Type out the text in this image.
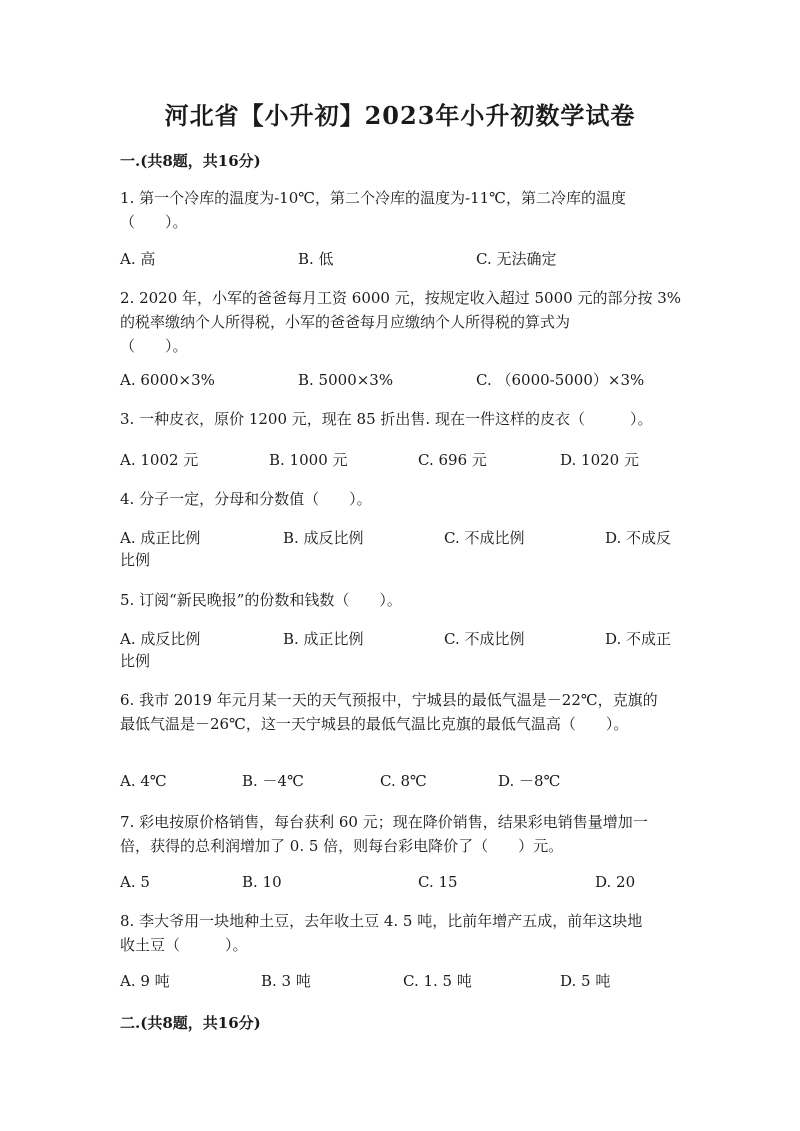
河北省【小升初】2023年小升初数学试卷
一.(共8题，共16分)
1. 第一个冷库的温度为-10℃，第二个冷库的温度为-11℃，第二冷库的温度
（　　）。
A. 高	B. 低	C. 无法确定
2. 2020 年，小军的爸爸每月工资 6000 元，按规定收入超过 5000 元的部分按 3%
的税率缴纳个人所得税，小军的爸爸每月应缴纳个人所得税的算式为
（　　）。
A. 6000×3%	B. 5000×3%	C. （6000-5000）×3%
3. 一种皮衣，原价 1200 元，现在 85 折出售. 现在一件这样的皮衣（　　　）。
A. 1002 元	B. 1000 元	C. 696 元	D. 1020 元
4. 分子一定，分母和分数值（　　）。
A. 成正比例	B. 成反比例	C. 不成比例	D. 不成反
比例
5. 订阅“新民晚报”的份数和钱数（　　）。
A. 成反比例	B. 成正比例	C. 不成比例	D. 不成正
比例
6. 我市 2019 年元月某一天的天气预报中，宁城县的最低气温是－22℃，克旗的
最低气温是－26℃，这一天宁城县的最低气温比克旗的最低气温高（　　）。
A. 4℃	B. －4℃	C. 8℃	D. －8℃
7. 彩电按原价格销售，每台获利 60 元；现在降价销售，结果彩电销售量增加一
倍，获得的总利润增加了 0. 5 倍，则每台彩电降价了（　　）元。
A. 5	B. 10	C. 15	D. 20
8. 李大爷用一块地种土豆，去年收土豆 4. 5 吨，比前年增产五成，前年这块地
收土豆（　　　）。
A. 9 吨	B. 3 吨	C. 1. 5 吨	D. 5 吨
二.(共8题，共16分)
